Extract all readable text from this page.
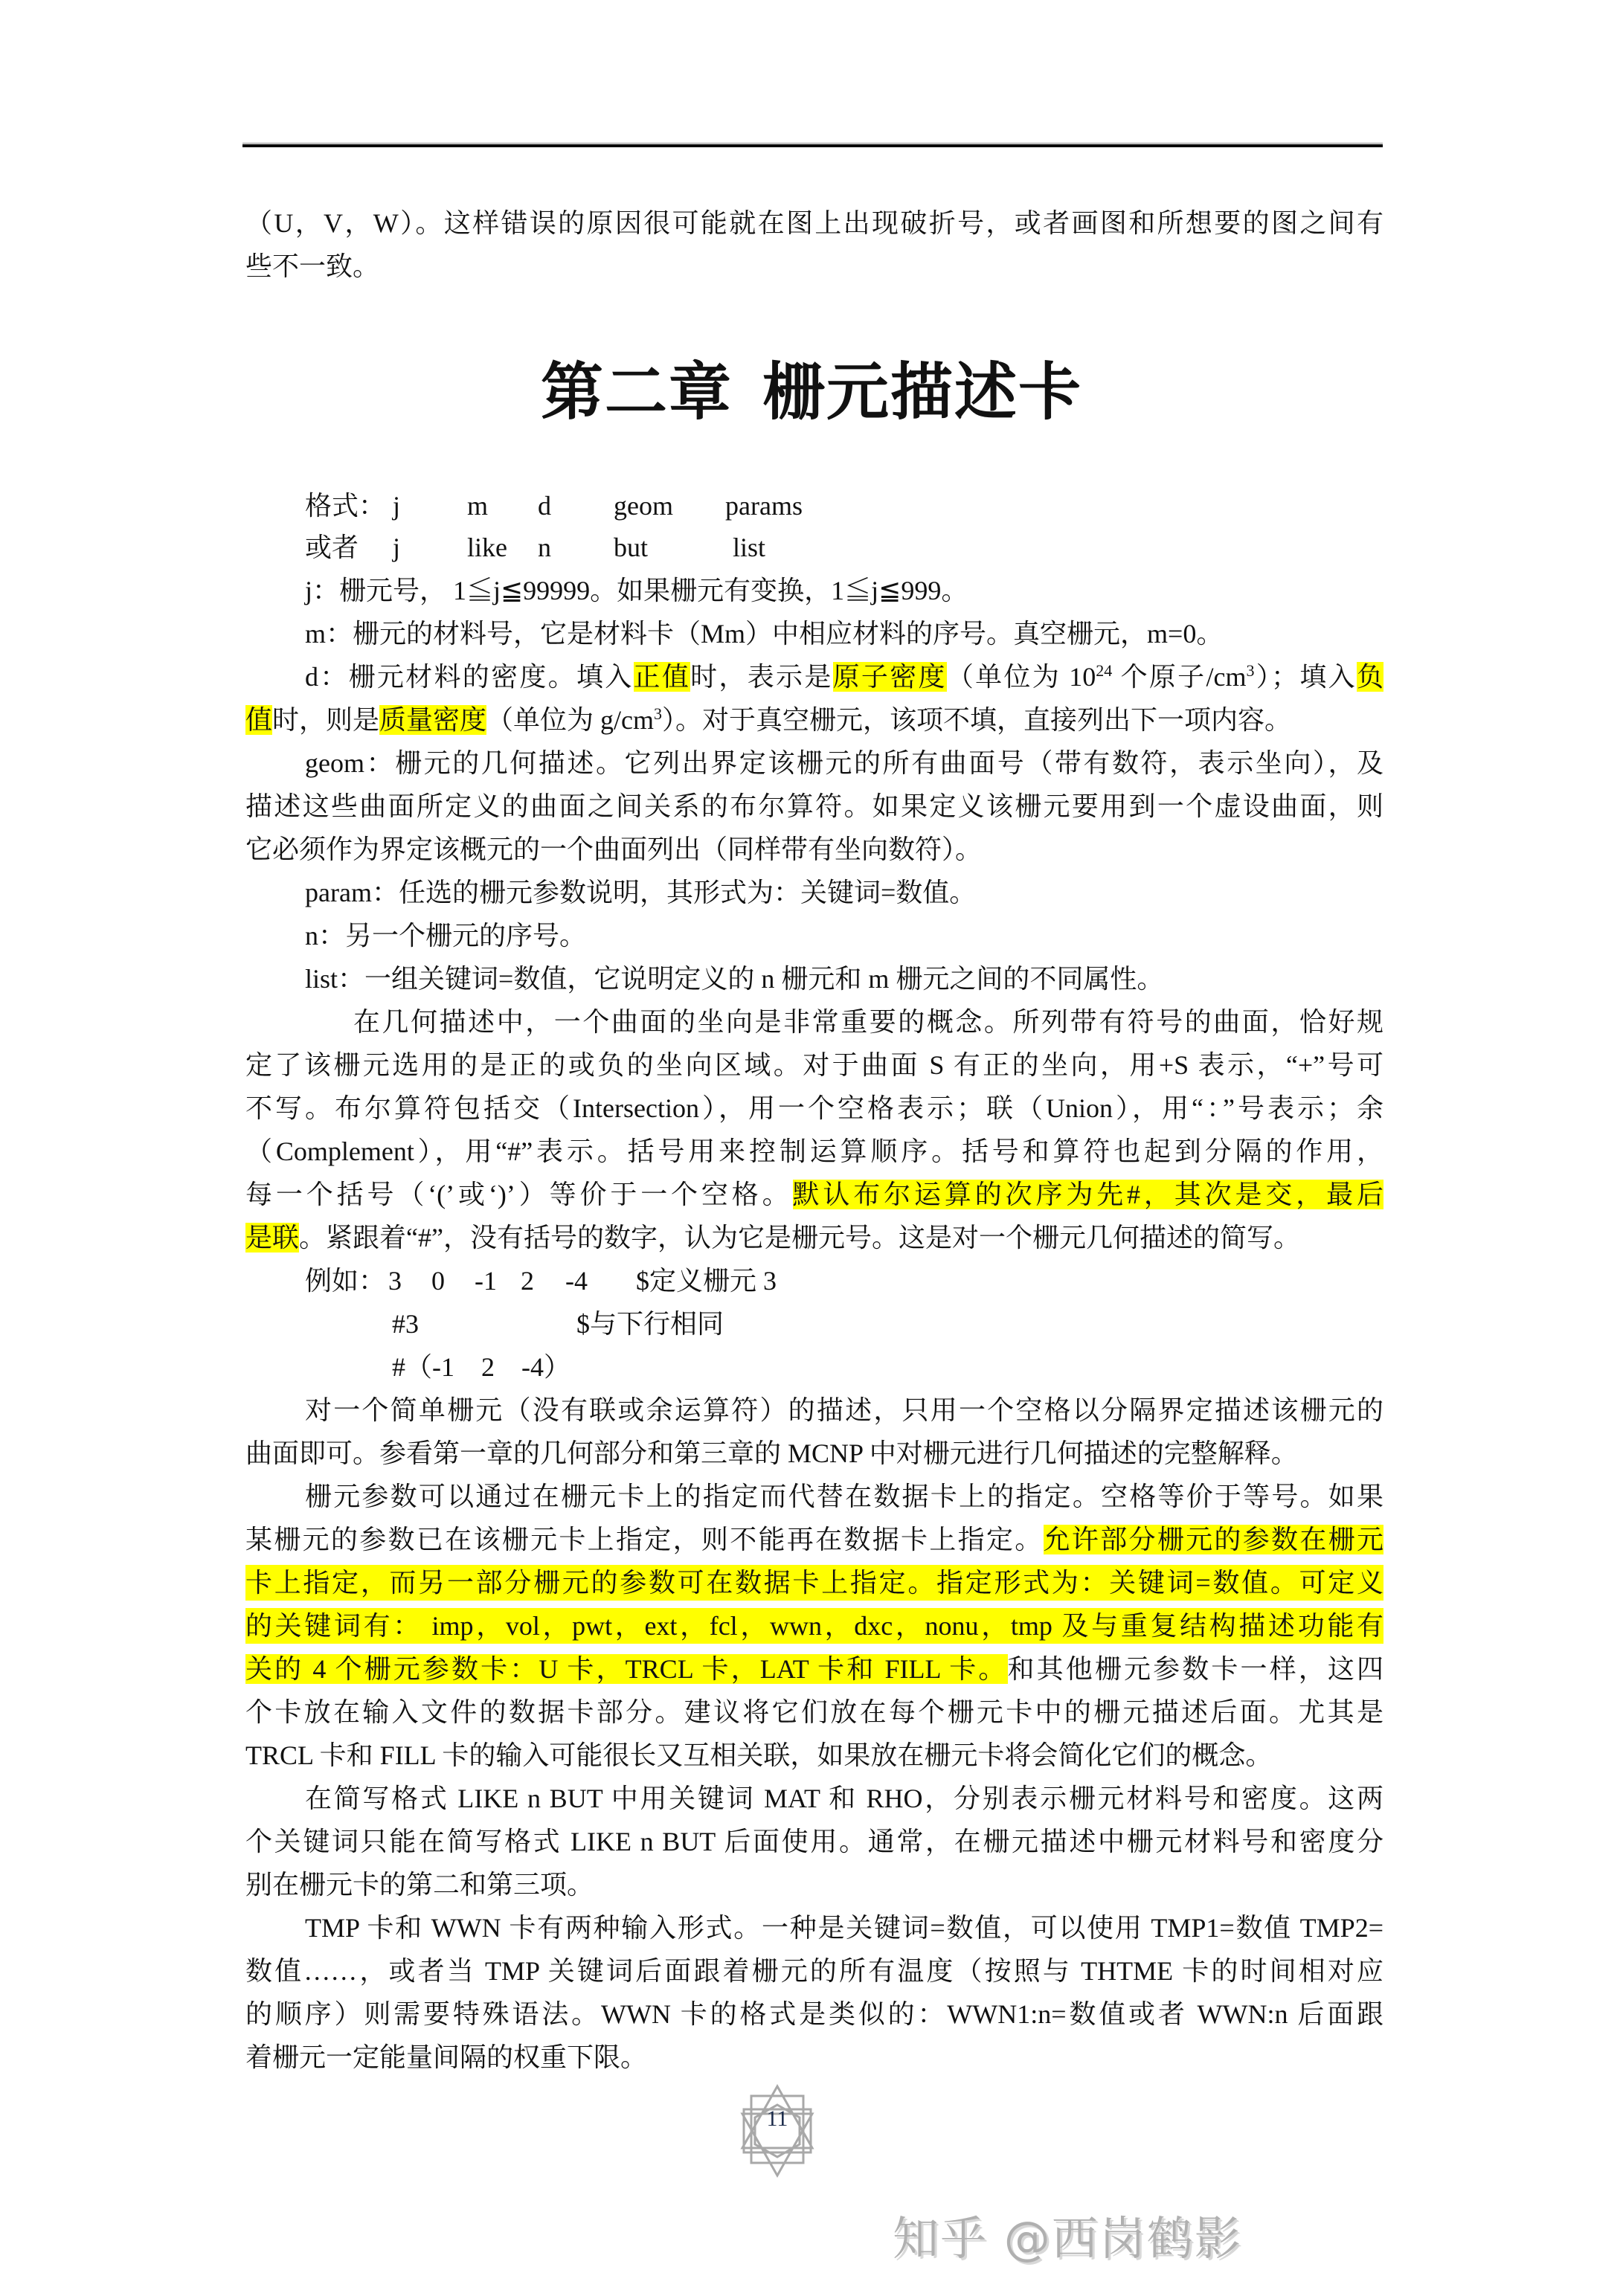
（U，V，W）。这样错误的原因很可能就在图上出现破折号，或者画图和所想要的图之间有
些不一致。
第二章 栅元描述卡
格式： j m d geom params
或者 j like n but	list
j：栅元号， 1≦j≦99999。如果栅元有变换，1≦j≦999。
m：栅元的材料号，它是材料卡（Mm）中相应材料的序号。真空栅元，m=0。
d：栅元材料的密度。填入正值时，表示是原子密度（单位为 $10^{24}$ 个原子$/cm^3$）；填入负
值时，则是质量密度（单位为 $g/cm^3$）。对于真空栅元，该项不填，直接列出下一项内容。
geom：栅元的几何描述。它列出界定该栅元的所有曲面号（带有数符，表示坐向），及
描述这些曲面所定义的曲面之间关系的布尔算符。如果定义该栅元要用到一个虚设曲面，则
它必须作为界定该概元的一个曲面列出（同样带有坐向数符）。
param：任选的栅元参数说明，其形式为：关键词=数值。
n：另一个栅元的序号。
list：一组关键词=数值，它说明定义的 n 栅元和 m 栅元之间的不同属性。
在几何描述中，一个曲面的坐向是非常重要的概念。所列带有符号的曲面，恰好规
定了该栅元选用的是正的或负的坐向区域。对于曲面 S 有正的坐向，用+S 表示，“+”号可
不写。布尔算符包括交（Intersection），用一个空格表示；联（Union），用“：”号表示；余
（Complement），用“#”表示。括号用来控制运算顺序。括号和算符也起到分隔的作用，
每一个括号（‘(’或‘)’）等价于一个空格。默认布尔运算的次序为先#，其次是交，最后
是联。紧跟着“#”，没有括号的数字，认为它是栅元号。这是对一个栅元几何描述的简写。
例如： 3 0 -1 2 -4 $定义栅元 3
#3	$与下行相同
#（-1　2　-4）
对一个简单栅元（没有联或余运算符）的描述，只用一个空格以分隔界定描述该栅元的
曲面即可。参看第一章的几何部分和第三章的 MCNP 中对栅元进行几何描述的完整解释。
栅元参数可以通过在栅元卡上的指定而代替在数据卡上的指定。空格等价于等号。如果
某栅元的参数已在该栅元卡上指定，则不能再在数据卡上指定。允许部分栅元的参数在栅元
卡上指定，而另一部分栅元的参数可在数据卡上指定。指定形式为：关键词=数值。可定义
的关键词有： imp，vol，pwt，ext，fcl，wwn，dxc，nonu，tmp 及与重复结构描述功能有
关的 4 个栅元参数卡：U 卡，TRCL 卡，LAT 卡和 FILL 卡。和其他栅元参数卡一样，这四
个卡放在输入文件的数据卡部分。建议将它们放在每个栅元卡中的栅元描述后面。尤其是
TRCL 卡和 FILL 卡的输入可能很长又互相关联，如果放在栅元卡将会简化它们的概念。
在简写格式 LIKE n BUT 中用关键词 MAT 和 RHO，分别表示栅元材料号和密度。这两
个关键词只能在简写格式 LIKE n BUT 后面使用。通常，在栅元描述中栅元材料号和密度分
别在栅元卡的第二和第三项。
TMP 卡和 WWN 卡有两种输入形式。一种是关键词=数值，可以使用 TMP1=数值 TMP2=
数值……，或者当 TMP 关键词后面跟着栅元的所有温度（按照与 THTME 卡的时间相对应
的顺序）则需要特殊语法。WWN 卡的格式是类似的：WWN1:n=数值或者 WWN:n 后面跟
着栅元一定能量间隔的权重下限。
11
知乎 @西岗鹤影
